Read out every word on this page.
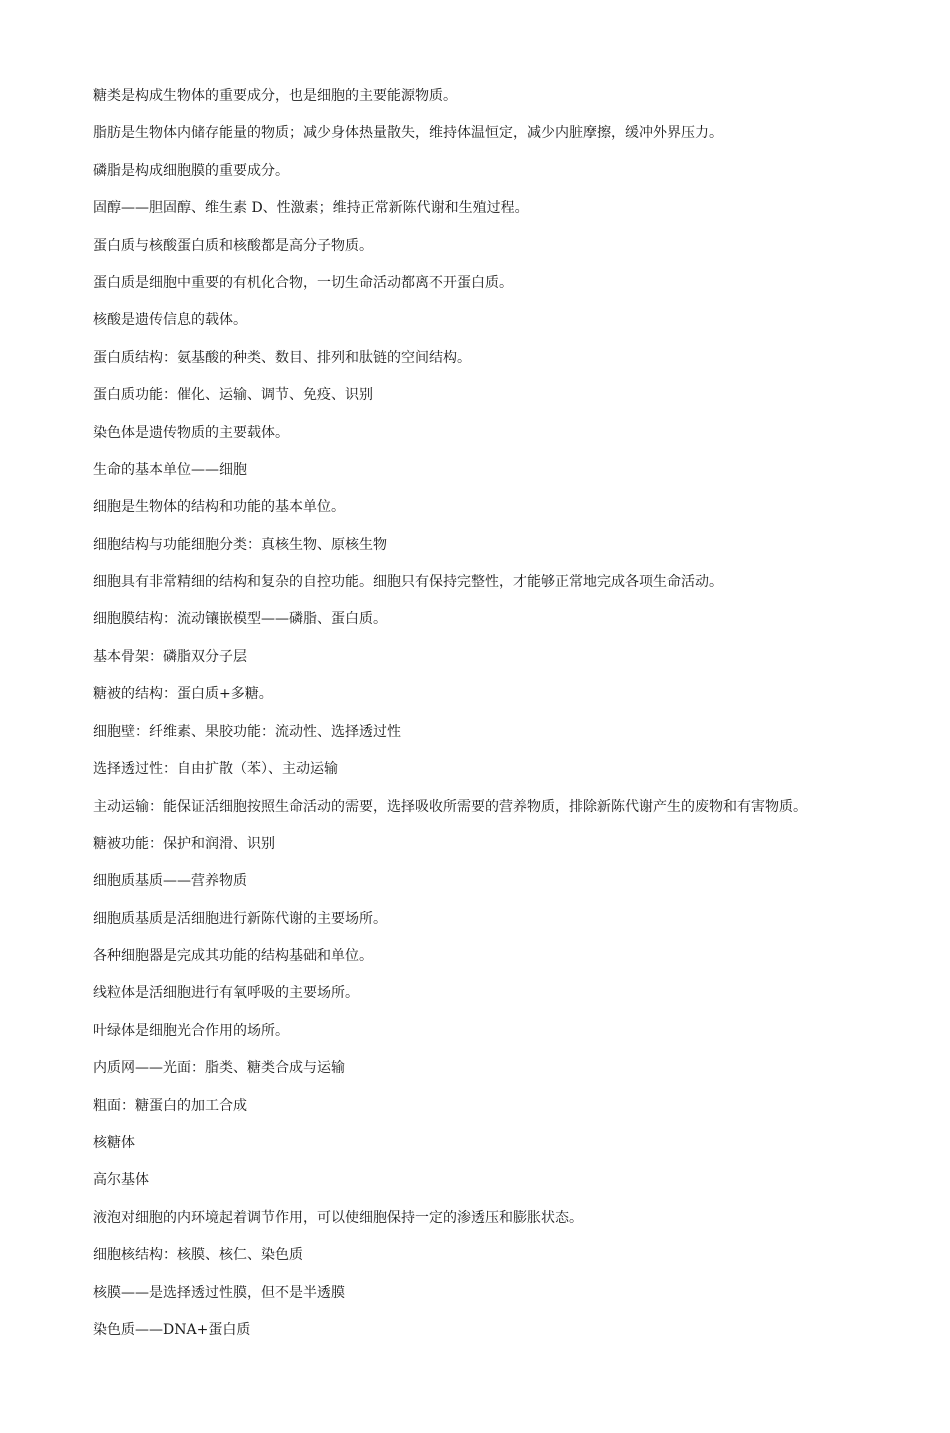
糖类是构成生物体的重要成分，也是细胞的主要能源物质。

脂肪是生物体内储存能量的物质；减少身体热量散失，维持体温恒定，减少内脏摩擦，缓冲外界压力。

磷脂是构成细胞膜的重要成分。

固醇——胆固醇、维生素 D、性激素；维持正常新陈代谢和生殖过程。

蛋白质与核酸蛋白质和核酸都是高分子物质。

蛋白质是细胞中重要的有机化合物，一切生命活动都离不开蛋白质。

核酸是遗传信息的载体。

蛋白质结构：氨基酸的种类、数目、排列和肽链的空间结构。

蛋白质功能：催化、运输、调节、免疫、识别

染色体是遗传物质的主要载体。

生命的基本单位——细胞

细胞是生物体的结构和功能的基本单位。

细胞结构与功能细胞分类：真核生物、原核生物

细胞具有非常精细的结构和复杂的自控功能。细胞只有保持完整性，才能够正常地完成各项生命活动。

细胞膜结构：流动镶嵌模型——磷脂、蛋白质。

基本骨架：磷脂双分子层

糖被的结构：蛋白质+多糖。

细胞壁：纤维素、果胶功能：流动性、选择透过性

选择透过性：自由扩散（苯）、主动运输

主动运输：能保证活细胞按照生命活动的需要，选择吸收所需要的营养物质，排除新陈代谢产生的废物和有害物质。

糖被功能：保护和润滑、识别

细胞质基质——营养物质

细胞质基质是活细胞进行新陈代谢的主要场所。

各种细胞器是完成其功能的结构基础和单位。

线粒体是活细胞进行有氧呼吸的主要场所。

叶绿体是细胞光合作用的场所。

内质网——光面：脂类、糖类合成与运输

粗面：糖蛋白的加工合成

核糖体

高尔基体

液泡对细胞的内环境起着调节作用，可以使细胞保持一定的渗透压和膨胀状态。

细胞核结构：核膜、核仁、染色质

核膜——是选择透过性膜，但不是半透膜

染色质——DNA+蛋白质
